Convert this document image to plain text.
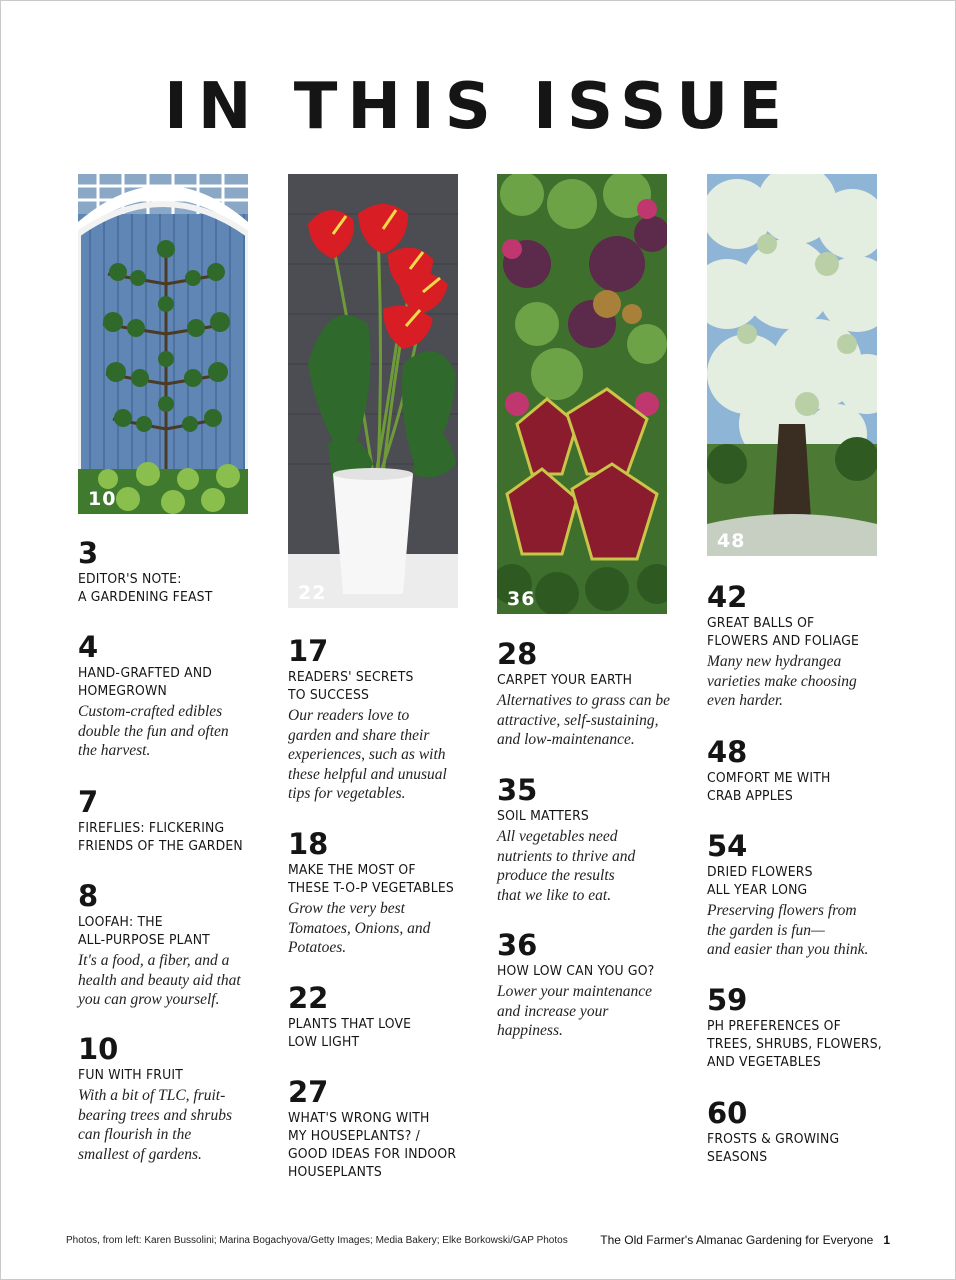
IN THIS ISSUE
10
3
EDITOR'S NOTE:
A GARDENING FEAST
4
HAND-GRAFTED AND
HOMEGROWN
Custom-crafted edibles
double the fun and often
the harvest.
7
FIREFLIES: FLICKERING
FRIENDS OF THE GARDEN
8
LOOFAH: THE
ALL-PURPOSE PLANT
It's a food, a fiber, and a
health and beauty aid that
you can grow yourself.
10
FUN WITH FRUIT
With a bit of TLC, fruit-
bearing trees and shrubs
can flourish in the
smallest of gardens.
22
17
READERS' SECRETS
TO SUCCESS
Our readers love to
garden and share their
experiences, such as with
these helpful and unusual
tips for vegetables.
18
MAKE THE MOST OF
THESE T-O-P VEGETABLES
Grow the very best
Tomatoes, Onions, and
Potatoes.
22
PLANTS THAT LOVE
LOW LIGHT
27
WHAT'S WRONG WITH
MY HOUSEPLANTS? /
GOOD IDEAS FOR INDOOR
HOUSEPLANTS
36
28
CARPET YOUR EARTH
Alternatives to grass can be
attractive, self-sustaining,
and low-maintenance.
35
SOIL MATTERS
All vegetables need
nutrients to thrive and
produce the results
that we like to eat.
36
HOW LOW CAN YOU GO?
Lower your maintenance
and increase your
happiness.
48
42
GREAT BALLS OF
FLOWERS AND FOLIAGE
Many new hydrangea
varieties make choosing
even harder.
48
COMFORT ME WITH
CRAB APPLES
54
DRIED FLOWERS
ALL YEAR LONG
Preserving flowers from
the garden is fun—
and easier than you think.
59
PH PREFERENCES OF
TREES, SHRUBS, FLOWERS,
AND VEGETABLES
60
FROSTS & GROWING
SEASONS
Photos, from left: Karen Bussolini; Marina Bogachyova/Getty Images; Media Bakery; Elke Borkowski/GAP Photos	The Old Farmer's Almanac Gardening for Everyone 1
